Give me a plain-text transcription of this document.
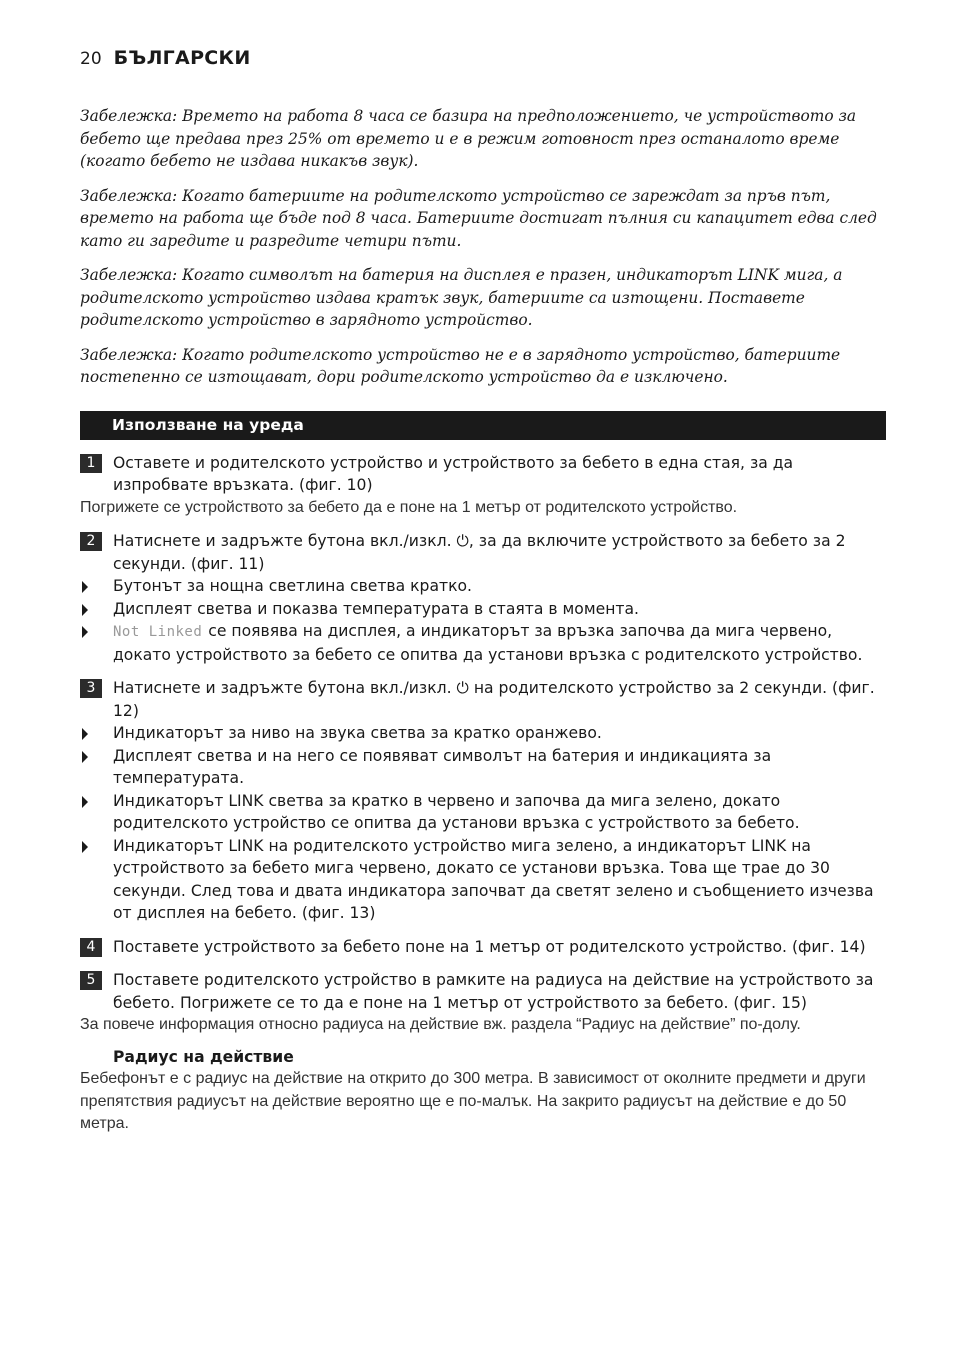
20 БЪЛГАРСКИ

Забележка: Времето на работа 8 часа се базира на предположението, че устройството за бебето ще предава през 25% от времето и е в режим готовност през останалото време (когато бебето не издава никакъв звук).

Забележка: Когато батериите на родителското устройство се зареждат за пръв път, времето на работа ще бъде под 8 часа. Батериите достигат пълния си капацитет едва след като ги заредите и разредите четири пъти.

Забележка: Когато символът на батерия на дисплея е празен, индикаторът LINK мига, а родителското устройство издава кратък звук, батериите са изтощени. Поставете родителското устройство в зарядното устройство.

Забележка: Когато родителското устройство не е в зарядното устройство, батериите постепенно се изтощават, дори родителското устройство да е изключено.

Използване на уреда
1	Оставете и родителското устройство и устройството за бебето в една стая, за да изпробвате връзката. (фиг. 10)
Погрижете се устройството за бебето да е поне на 1 метър от родителското устройство.
2	Натиснете и задръжте бутона вкл./изкл. ⏻, за да включите устройството за бебето за 2 секунди. (фиг. 11)
Бутонът за нощна светлина светва кратко.
Дисплеят светва и показва температурата в стаята в момента.
Not Linked се появява на дисплея, а индикаторът за връзка започва да мига червено, докато устройството за бебето се опитва да установи връзка с родителското устройство.
3	Натиснете и задръжте бутона вкл./изкл. ⏻ на родителското устройство за 2 секунди. (фиг. 12)
Индикаторът за ниво на звука светва за кратко оранжево.
Дисплеят светва и на него се появяват символът на батерия и индикацията за температурата.
Индикаторът LINK светва за кратко в червено и започва да мига зелено, докато родителското устройство се опитва да установи връзка с устройството за бебето.
Индикаторът LINK на родителското устройство мига зелено, а индикаторът LINK на устройството за бебето мига червено, докато се установи връзка. Това ще трае до 30 секунди. След това и двата индикатора започват да светят зелено и съобщението изчезва от дисплея на бебето. (фиг. 13)
4	Поставете устройството за бебето поне на 1 метър от родителското устройство. (фиг. 14)
5	Поставете родителското устройство в рамките на радиуса на действие на устройството за бебето. Погрижете се то да е поне на 1 метър от устройството за бебето. (фиг. 15)
За повече информация относно радиуса на действие вж. раздела “Радиус на действие” по-долу.
Радиус на действие
Бебефонът е с радиус на действие на открито до 300 метра. В зависимост от околните предмети и други препятствия радиусът на действие вероятно ще е по-малък. На закрито радиусът на действие е до 50 метра.
